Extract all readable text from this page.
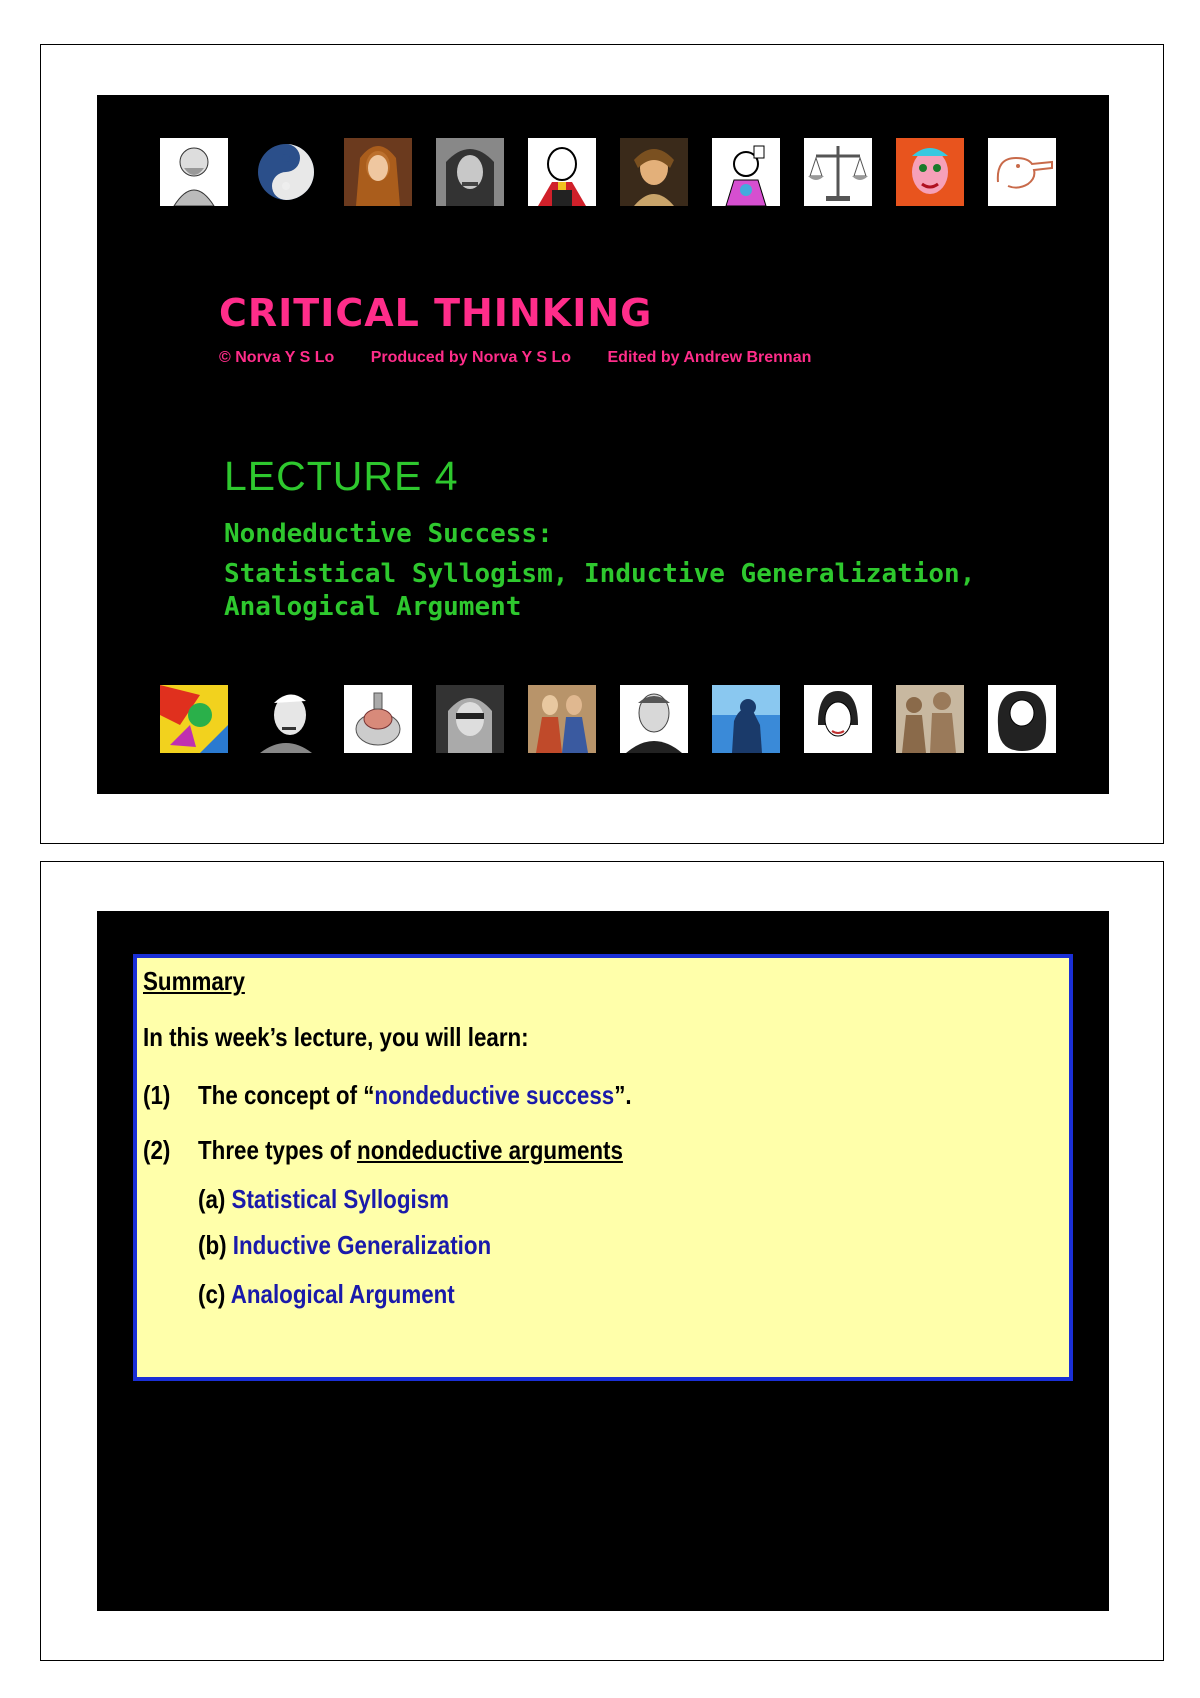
CRITICAL THINKING
© Norva Y S Lo Produced by Norva Y S Lo Edited by Andrew Brennan
LECTURE 4
Nondeductive Success:
Statistical Syllogism, Inductive Generalization,
Analogical Argument
Summary
In this week’s lecture, you will learn:
(1) The concept of “nondeductive success”.
(2) Three types of nondeductive arguments
(a) Statistical Syllogism
(b) Inductive Generalization
(c) Analogical Argument
